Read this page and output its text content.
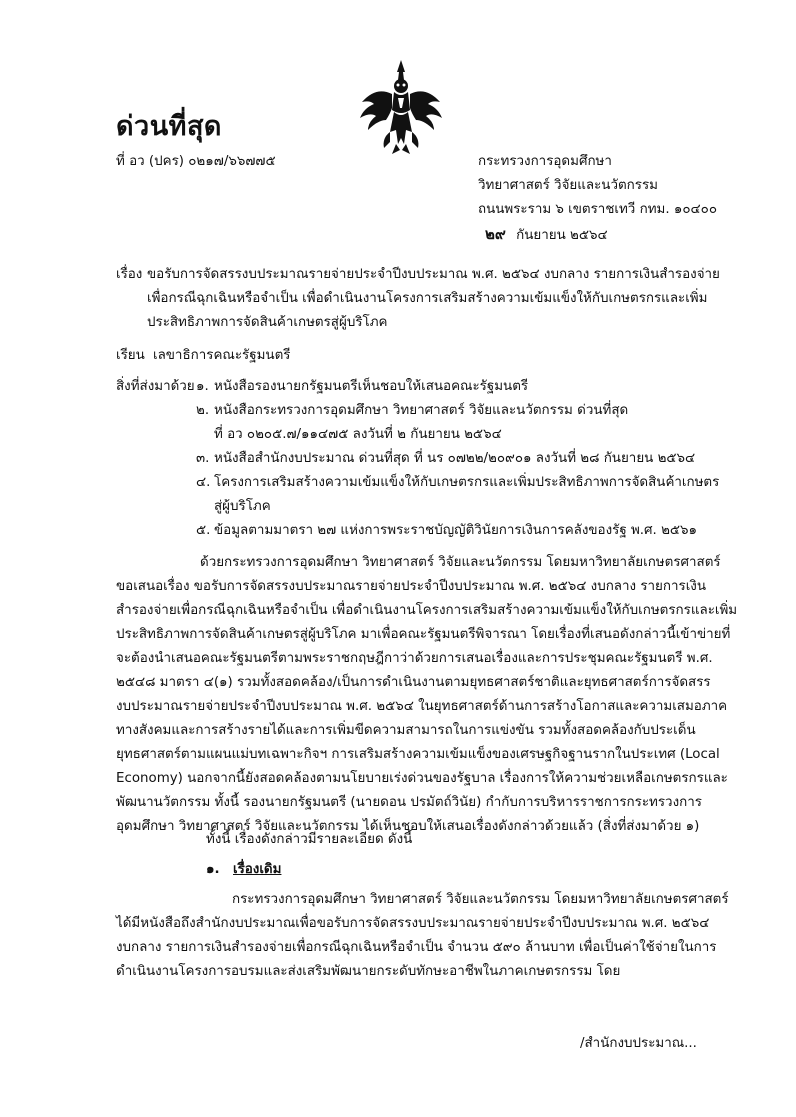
ด่วนที่สุด
ที่ อว (ปคร) ๐๒๑๗/๖๖๗๗๕	กระทรวงการอุดมศึกษา
วิทยาศาสตร์ วิจัยและนวัตกรรม
ถนนพระราม ๖ เขตราชเทวี กทม. ๑๐๔๐๐
๒๙ กันยายน ๒๕๖๔
เรื่อง ขอรับการจัดสรรงบประมาณรายจ่ายประจำปีงบประมาณ พ.ศ. ๒๕๖๔ งบกลาง รายการเงินสำรองจ่าย
เพื่อกรณีฉุกเฉินหรือจำเป็น เพื่อดำเนินงานโครงการเสริมสร้างความเข้มแข็งให้กับเกษตรกรและเพิ่ม
ประสิทธิภาพการจัดสินค้าเกษตรสู่ผู้บริโภค
เรียน เลขาธิการคณะรัฐมนตรี
สิ่งที่ส่งมาด้วย ๑. หนังสือรองนายกรัฐมนตรีเห็นชอบให้เสนอคณะรัฐมนตรี
๒. หนังสือกระทรวงการอุดมศึกษา วิทยาศาสตร์ วิจัยและนวัตกรรม ด่วนที่สุด
ที่ อว ๐๒๐๕.๗/๑๑๔๗๕ ลงวันที่ ๒ กันยายน ๒๕๖๔
๓. หนังสือสำนักงบประมาณ ด่วนที่สุด ที่ นร ๐๗๒๒/๒๐๙๐๑ ลงวันที่ ๒๘ กันยายน ๒๕๖๔
๔. โครงการเสริมสร้างความเข้มแข็งให้กับเกษตรกรและเพิ่มประสิทธิภาพการจัดสินค้าเกษตร
สู่ผู้บริโภค
๕. ข้อมูลตามมาตรา ๒๗ แห่งการพระราชบัญญัติวินัยการเงินการคลังของรัฐ พ.ศ. ๒๕๖๑
ด้วยกระทรวงการอุดมศึกษา วิทยาศาสตร์ วิจัยและนวัตกรรม โดยมหาวิทยาลัยเกษตรศาสตร์
ขอเสนอเรื่อง ขอรับการจัดสรรงบประมาณรายจ่ายประจำปีงบประมาณ พ.ศ. ๒๕๖๔ งบกลาง รายการเงิน
สำรองจ่ายเพื่อกรณีฉุกเฉินหรือจำเป็น เพื่อดำเนินงานโครงการเสริมสร้างความเข้มแข็งให้กับเกษตรกรและเพิ่ม
ประสิทธิภาพการจัดสินค้าเกษตรสู่ผู้บริโภค มาเพื่อคณะรัฐมนตรีพิจารณา โดยเรื่องที่เสนอดังกล่าวนี้เข้าข่ายที่
จะต้องนำเสนอคณะรัฐมนตรีตามพระราชกฤษฎีกาว่าด้วยการเสนอเรื่องและการประชุมคณะรัฐมนตรี พ.ศ.
๒๕๔๘ มาตรา ๔(๑) รวมทั้งสอดคล้อง/เป็นการดำเนินงานตามยุทธศาสตร์ชาติและยุทธศาสตร์การจัดสรร
งบประมาณรายจ่ายประจำปีงบประมาณ พ.ศ. ๒๕๖๔ ในยุทธศาสตร์ด้านการสร้างโอกาสและความเสมอภาค
ทางสังคมและการสร้างรายได้และการเพิ่มขีดความสามารถในการแข่งขัน รวมทั้งสอดคล้องกับประเด็น
ยุทธศาสตร์ตามแผนแม่บทเฉพาะกิจฯ การเสริมสร้างความเข้มแข็งของเศรษฐกิจฐานรากในประเทศ (Local
Economy) นอกจากนี้ยังสอดคล้องตามนโยบายเร่งด่วนของรัฐบาล เรื่องการให้ความช่วยเหลือเกษตรกรและ
พัฒนานวัตกรรม ทั้งนี้ รองนายกรัฐมนตรี (นายดอน ปรมัตถ์วินัย) กำกับการบริหารราชการกระทรวงการ
อุดมศึกษา วิทยาศาสตร์ วิจัยและนวัตกรรม ได้เห็นชอบให้เสนอเรื่องดังกล่าวด้วยแล้ว (สิ่งที่ส่งมาด้วย ๑)
ทั้งนี้ เรื่องดังกล่าวมีรายละเอียด ดังนี้
๑. เรื่องเดิม
กระทรวงการอุดมศึกษา วิทยาศาสตร์ วิจัยและนวัตกรรม โดยมหาวิทยาลัยเกษตรศาสตร์
ได้มีหนังสือถึงสำนักงบประมาณเพื่อขอรับการจัดสรรงบประมาณรายจ่ายประจำปีงบประมาณ พ.ศ. ๒๕๖๔
งบกลาง รายการเงินสำรองจ่ายเพื่อกรณีฉุกเฉินหรือจำเป็น จำนวน ๕๙๐ ล้านบาท เพื่อเป็นค่าใช้จ่ายในการ
ดำเนินงานโครงการอบรมและส่งเสริมพัฒนายกระดับทักษะอาชีพในภาคเกษตรกรรม โดย
/สำนักงบประมาณ...
